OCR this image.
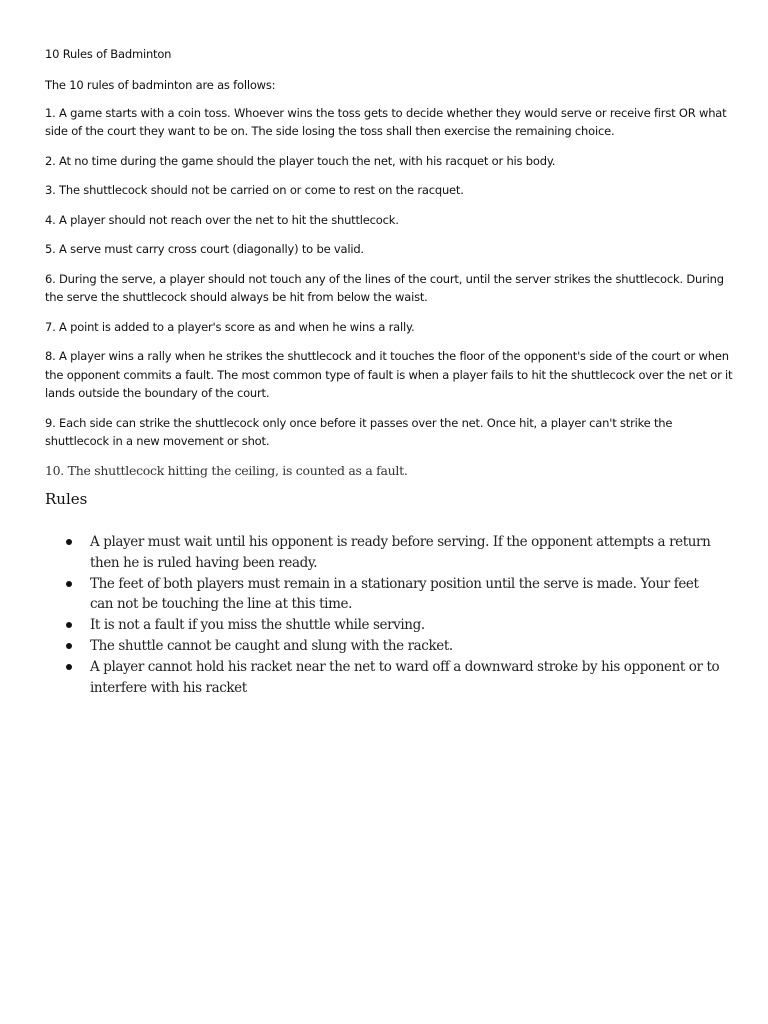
10 Rules of Badminton

The 10 rules of badminton are as follows:

1. A game starts with a coin toss. Whoever wins the toss gets to decide whether they would serve or receive first OR what side of the court they want to be on. The side losing the toss shall then exercise the remaining choice.

2. At no time during the game should the player touch the net, with his racquet or his body.

3. The shuttlecock should not be carried on or come to rest on the racquet.

4. A player should not reach over the net to hit the shuttlecock.

5. A serve must carry cross court (diagonally) to be valid.

6. During the serve, a player should not touch any of the lines of the court, until the server strikes the shuttlecock. During the serve the shuttlecock should always be hit from below the waist.

7. A point is added to a player's score as and when he wins a rally.

8. A player wins a rally when he strikes the shuttlecock and it touches the floor of the opponent's side of the court or when the opponent commits a fault. The most common type of fault is when a player fails to hit the shuttlecock over the net or it lands outside the boundary of the court.

9. Each side can strike the shuttlecock only once before it passes over the net. Once hit, a player can't strike the shuttlecock in a new movement or shot.

10. The shuttlecock hitting the ceiling, is counted as a fault.

Rules
A player must wait until his opponent is ready before serving. If the opponent attempts a return then he is ruled having been ready.
The feet of both players must remain in a stationary position until the serve is made. Your feet can not be touching the line at this time.
It is not a fault if you miss the shuttle while serving.
The shuttle cannot be caught and slung with the racket.
A player cannot hold his racket near the net to ward off a downward stroke by his opponent or to interfere with his racket
